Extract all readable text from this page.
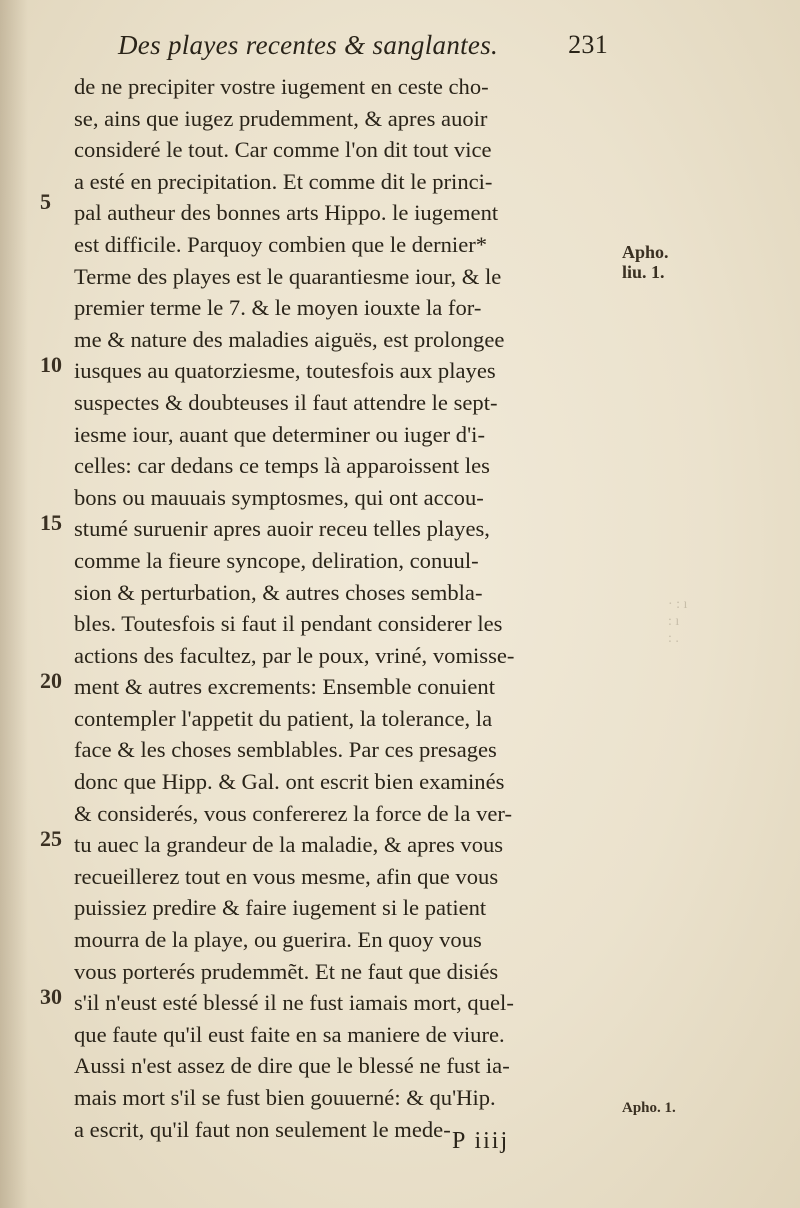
Des playes recentes & sanglantes.	231
de ne precipiter vostre iugement en ceste cho-
se, ains que iugez prudemment, & apres auoir
consideré le tout. Car comme l'on dit tout vice
a esté en precipitation. Et comme dit le princi-
pal autheur des bonnes arts Hippo. le iugement
est difficile. Parquoy combien que le dernier*
Terme des playes est le quarantiesme iour, & le
premier terme le 7. & le moyen iouxte la for-
me & nature des maladies aiguës, est prolongee
iusques au quatorziesme, toutesfois aux playes
suspectes & doubteuses il faut attendre le sept-
iesme iour, auant que determiner ou iuger d'i-
celles: car dedans ce temps là apparoissent les
bons ou mauuais symptosmes, qui ont accou-
stumé suruenir apres auoir receu telles playes,
comme la fieure syncope, deliration, conuul-
sion & perturbation, & autres choses sembla-
bles. Toutesfois si faut il pendant considerer les
actions des facultez, par le poux, vriné, vomisse-
ment & autres excrements: Ensemble conuient
contempler l'appetit du patient, la tolerance, la
face & les choses semblables. Par ces presages
donc que Hipp. & Gal. ont escrit bien examinés
& considerés, vous confererez la force de la ver-
tu auec la grandeur de la maladie, & apres vous
recueillerez tout en vous mesme, afin que vous
puissiez predire & faire iugement si le patient
mourra de la playe, ou guerira. En quoy vous
vous porterés prudemmẽt. Et ne faut que disiés
s'il n'eust esté blessé il ne fust iamais mort, quel-
que faute qu'il eust faite en sa maniere de viure.
Aussi n'est assez de dire que le blessé ne fust ia-
mais mort s'il se fust bien gouuerné: & qu'Hip.
a escrit, qu'il faut non seulement le mede-
5
10
15
20
25
30
Apho.
liu. 1.
Apho. 1.
· : ı
: ı
: .
P iiij
